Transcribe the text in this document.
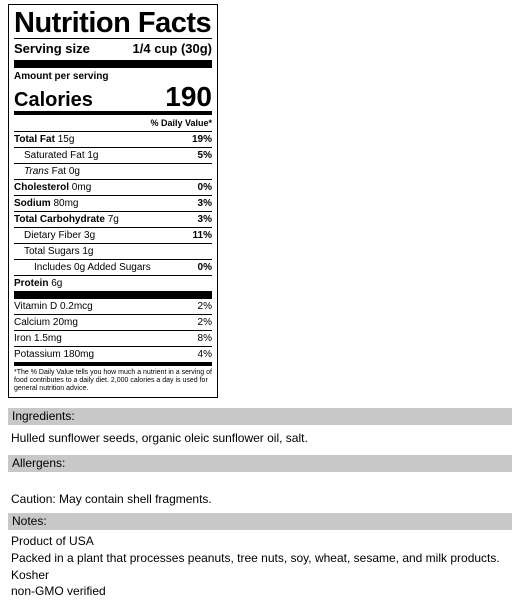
Nutrition Facts
Serving size	1/4 cup (30g)
Amount per serving
Calories	190
% Daily Value*
Total Fat 15g	19%
Saturated Fat 1g	5%
Trans Fat 0g
Cholesterol 0mg	0%
Sodium 80mg	3%
Total Carbohydrate 7g	3%
Dietary Fiber 3g	11%
Total Sugars 1g
Includes 0g Added Sugars	0%
Protein 6g
Vitamin D 0.2mcg	2%
Calcium 20mg	2%
Iron 1.5mg	8%
Potassium 180mg	4%
*The % Daily Value tells you how much a nutrient in a serving of food contributes to a daily diet. 2,000 calories a day is used for general nutrition advice.
Ingredients:
Hulled sunflower seeds, organic oleic sunflower oil, salt.
Allergens:
Caution: May contain shell fragments.
Notes:
Product of USA
Packed in a plant that processes peanuts, tree nuts, soy, wheat, sesame, and milk products.
Kosher
non-GMO verified
